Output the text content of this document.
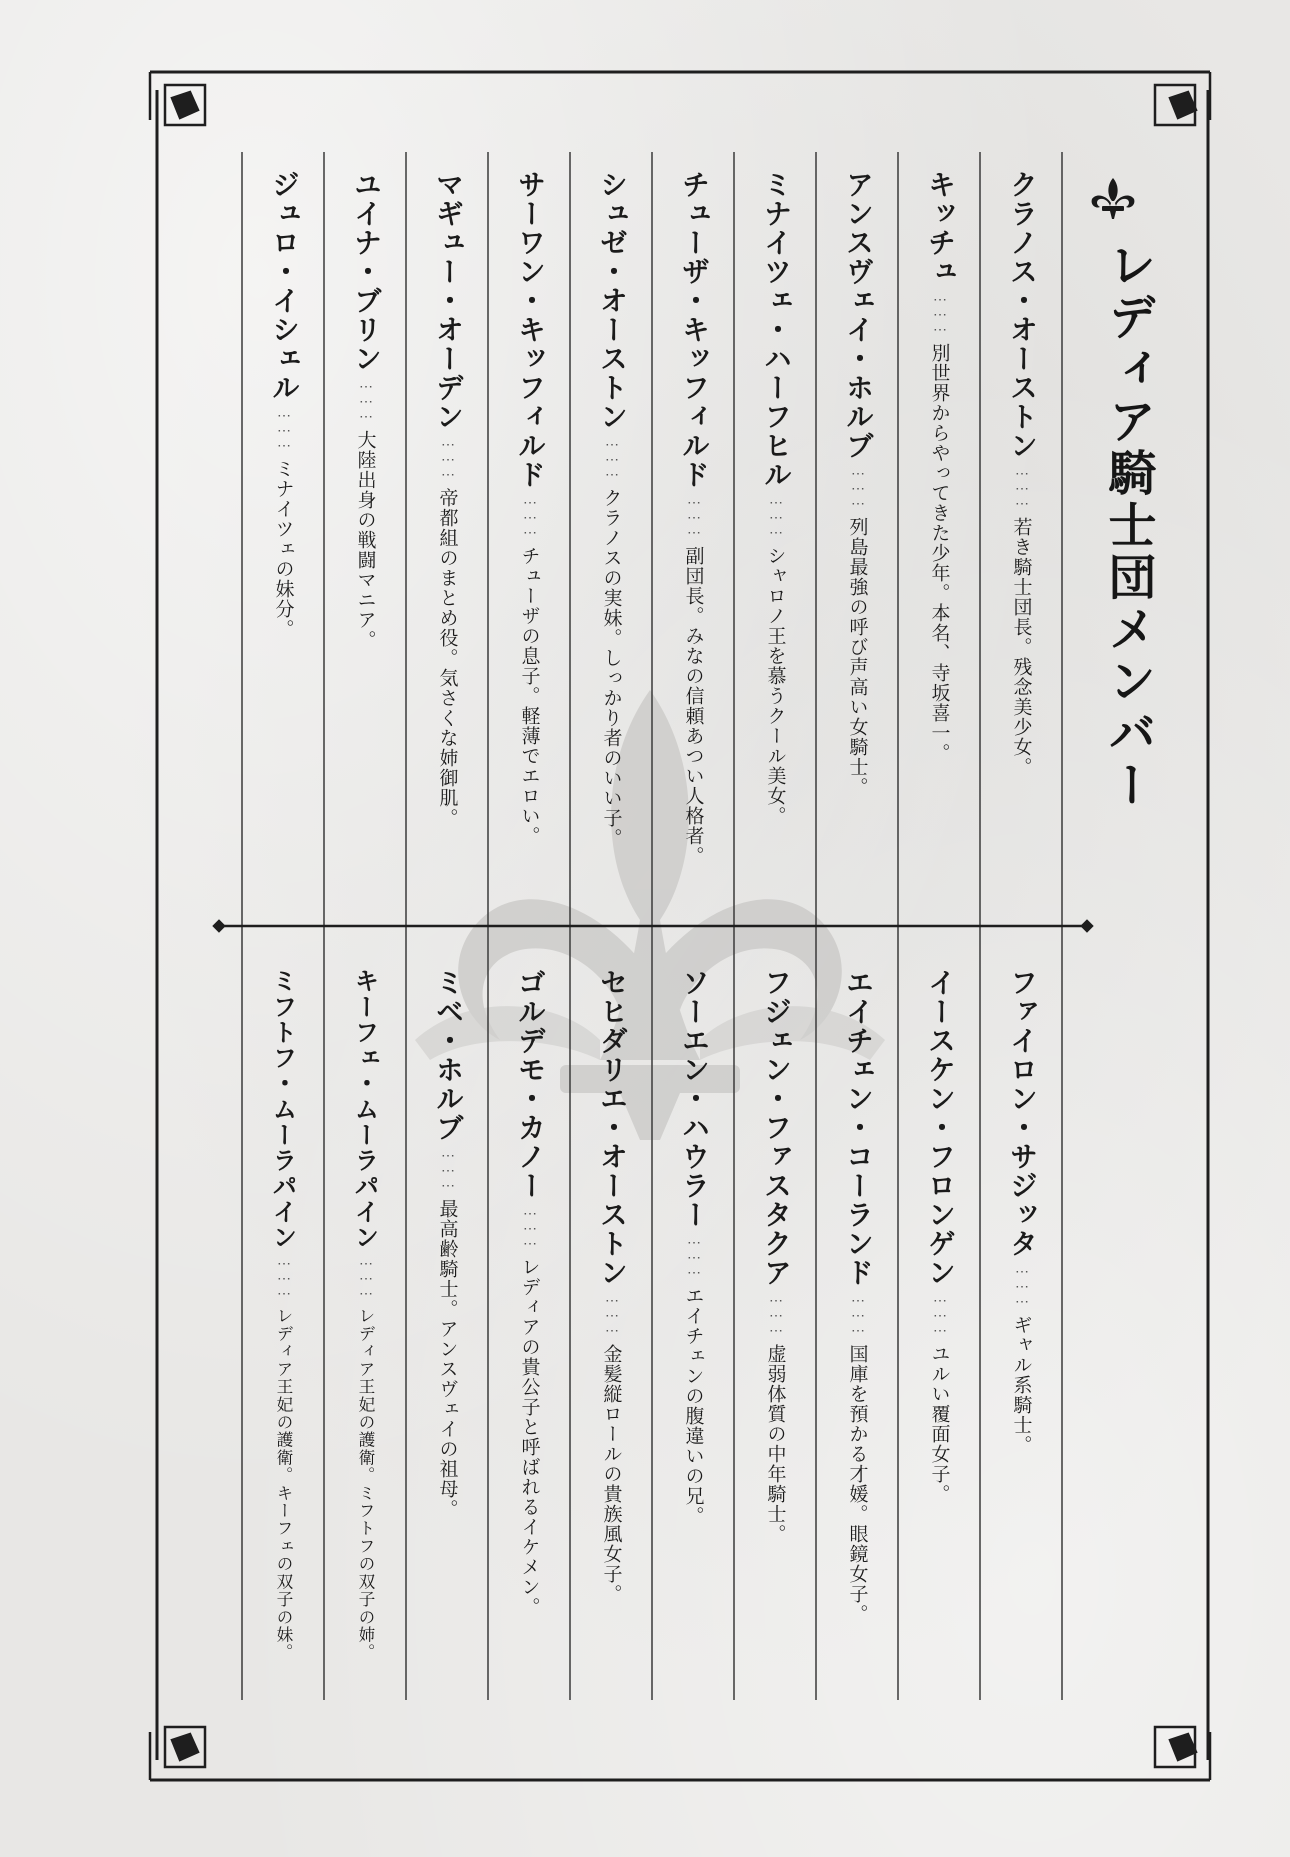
レディア騎士団メンバー
クラノス・オーストン
⋯⋯⋯
若き騎士団長。残念美少女。
キッチュ
⋯⋯⋯
別世界からやってきた少年。本名、寺坂喜一。
アンスヴェイ・ホルブ
⋯⋯⋯
列島最強の呼び声高い女騎士。
ミナイツェ・ハーフヒル
⋯⋯⋯
シャロノ王を慕うクール美女。
チューザ・キッフィルド
⋯⋯⋯
副団長。みなの信頼あつい人格者。
シュゼ・オーストン
⋯⋯⋯
クラノスの実妹。しっかり者のいい子。
サーワン・キッフィルド
⋯⋯⋯
チューザの息子。軽薄でエロい。
マギュー・オーデン
⋯⋯⋯
帝都組のまとめ役。気さくな姉御肌。
ユイナ・ブリン
⋯⋯⋯
大陸出身の戦闘マニア。
ジュロ・イシェル
⋯⋯⋯
ミナイツェの妹分。
ファイロン・サジッタ
⋯⋯⋯
ギャル系騎士。
イースケン・フロンゲン
⋯⋯⋯
ユルい覆面女子。
エイチェン・コーランド
⋯⋯⋯
国庫を預かる才媛。眼鏡女子。
フジェン・ファスタクア
⋯⋯⋯
虚弱体質の中年騎士。
ソーエン・ハウラー
⋯⋯⋯
エイチェンの腹違いの兄。
セヒダリエ・オーストン
⋯⋯⋯
金髪縦ロールの貴族風女子。
ゴルデモ・カノー
⋯⋯⋯
レディアの貴公子と呼ばれるイケメン。
ミベ・ホルブ
⋯⋯⋯
最高齢騎士。アンスヴェイの祖母。
キーフェ・ムーラパイン
⋯⋯⋯
レディア王妃の護衛。ミフトフの双子の姉。
ミフトフ・ムーラパイン
⋯⋯⋯
レディア王妃の護衛。キーフェの双子の妹。
